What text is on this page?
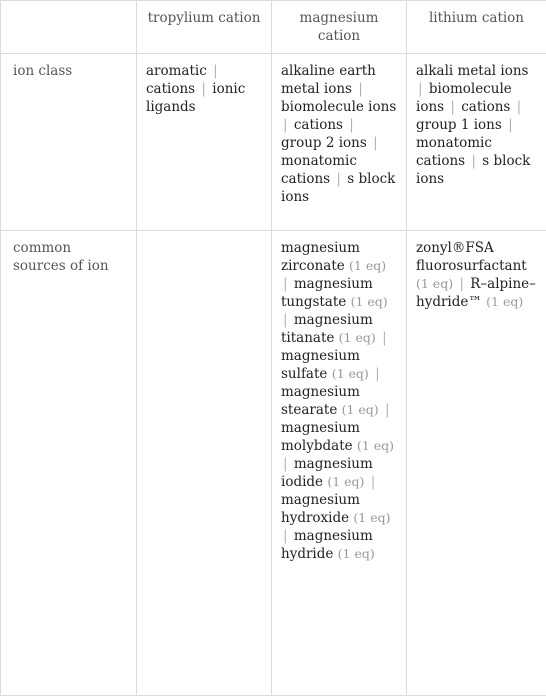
	tropylium cation	magnesium cation	lithium cation
ion class	aromatic | cations | ionic ligands	alkaline earth metal ions | biomolecule ions | cations | group 2 ions | monatomic cations | s block ions	alkali metal ions | biomolecule ions | cations | group 1 ions | monatomic cations | s block ions
common sources of ion		magnesium zirconate (1 eq) | magnesium tungstate (1 eq) | magnesium titanate (1 eq) | magnesium sulfate (1 eq) | magnesium stearate (1 eq) | magnesium molybdate (1 eq) | magnesium iodide (1 eq) | magnesium hydroxide (1 eq) | magnesium hydride (1 eq)	zonyl®FSA fluorosurfactant (1 eq) | R–alpine–hydride™ (1 eq)
